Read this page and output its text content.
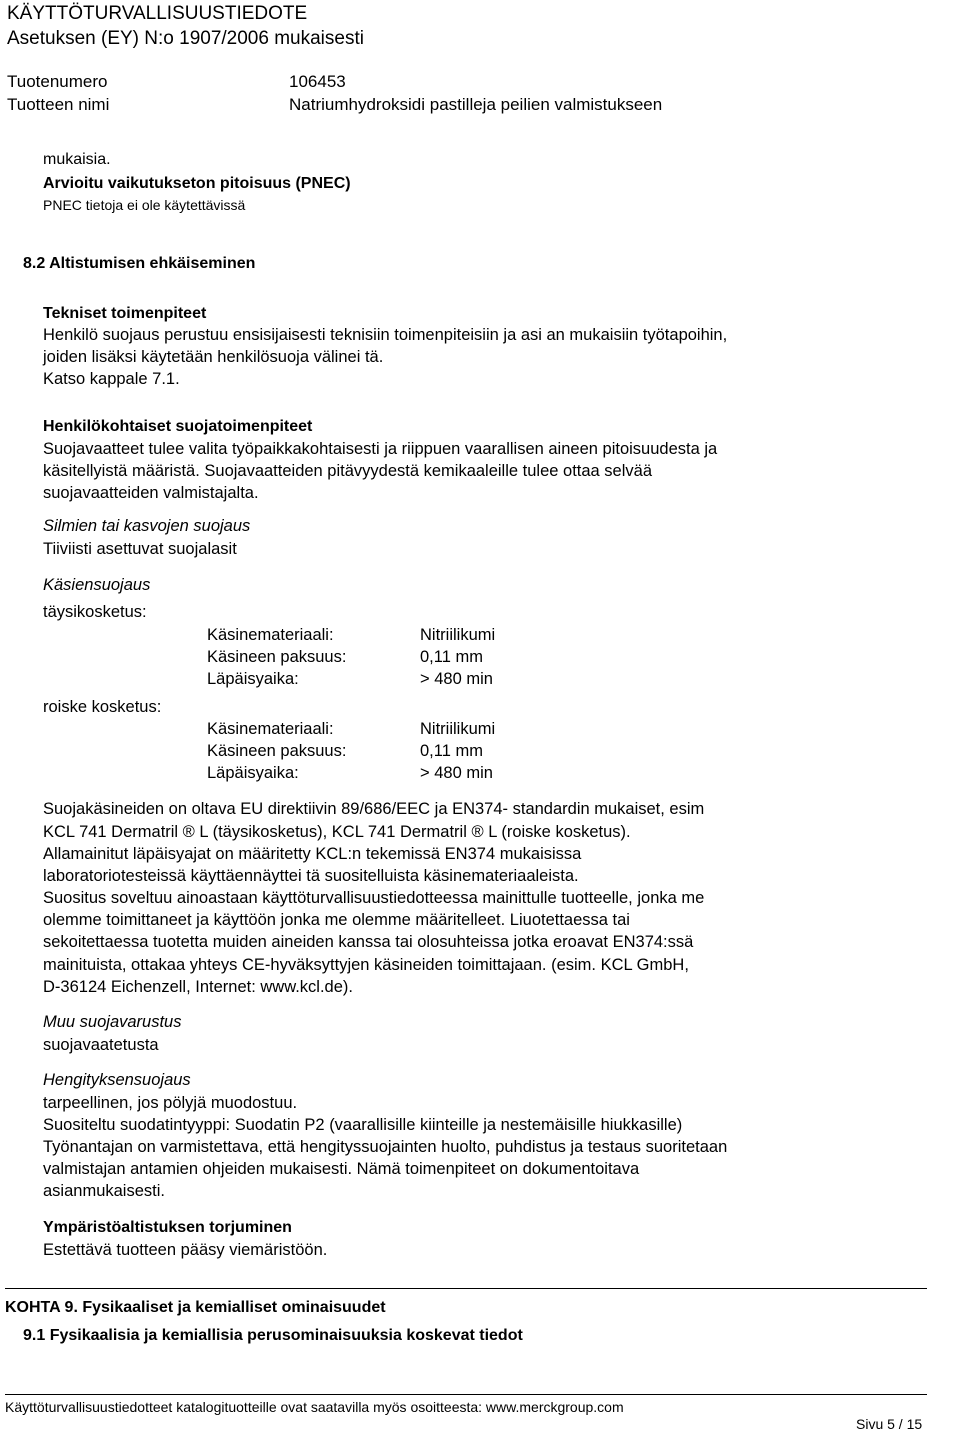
KÄYTTÖTURVALLISUUSTIEDOTE
Asetuksen (EY) N:o 1907/2006 mukaisesti
Tuotenumero	106453
Tuotteen nimi	Natriumhydroksidi pastilleja peilien valmistukseen
mukaisia.
Arvioitu vaikutukseton pitoisuus (PNEC)
PNEC tietoja ei ole käytettävissä
8.2 Altistumisen ehkäiseminen
Tekniset toimenpiteet
Henkilö suojaus perustuu ensisijaisesti teknisiin toimenpiteisiin ja asi an mukaisiin työtapoihin,
joiden lisäksi käytetään henkilösuoja välinei tä.
Katso kappale 7.1.
Henkilökohtaiset suojatoimenpiteet
Suojavaatteet tulee valita työpaikkakohtaisesti ja riippuen vaarallisen aineen pitoisuudesta ja
käsitellyistä määristä. Suojavaatteiden pitävyydestä kemikaaleille tulee ottaa selvää
suojavaatteiden valmistajalta.
Silmien tai kasvojen suojaus
Tiiviisti asettuvat suojalasit
Käsiensuojaus
täysikosketus:
Käsinemateriaali:	Nitriilikumi
Käsineen paksuus:	0,11 mm
Läpäisyaika:	> 480 min
roiske kosketus:
Käsinemateriaali:	Nitriilikumi
Käsineen paksuus:	0,11 mm
Läpäisyaika:	> 480 min
Suojakäsineiden on oltava EU direktiivin 89/686/EEC ja EN374- standardin mukaiset, esim
KCL 741 Dermatril ® L (täysikosketus), KCL 741 Dermatril ® L (roiske kosketus).
Allamainitut läpäisyajat on määritetty KCL:n tekemissä EN374 mukaisissa
laboratoriotesteissä käyttäennäyttei tä suositelluista käsinemateriaaleista.
Suositus soveltuu ainoastaan käyttöturvallisuustiedotteessa mainittulle tuotteelle, jonka me
olemme toimittaneet ja käyttöön jonka me olemme määritelleet. Liuotettaessa tai
sekoitettaessa tuotetta muiden aineiden kanssa tai olosuhteissa jotka eroavat EN374:ssä
mainituista, ottakaa yhteys CE-hyväksyttyjen käsineiden toimittajaan. (esim. KCL GmbH,
D-36124 Eichenzell, Internet: www.kcl.de).
Muu suojavarustus
suojavaatetusta
Hengityksensuojaus
tarpeellinen, jos pölyjä muodostuu.
Suositeltu suodatintyyppi: Suodatin P2 (vaarallisille kiinteille ja nestemäisille hiukkasille)
Työnantajan on varmistettava, että hengityssuojainten huolto, puhdistus ja testaus suoritetaan
valmistajan antamien ohjeiden mukaisesti. Nämä toimenpiteet on dokumentoitava
asianmukaisesti.
Ympäristöaltistuksen torjuminen
Estettävä tuotteen pääsy viemäristöön.
KOHTA 9. Fysikaaliset ja kemialliset ominaisuudet
9.1 Fysikaalisia ja kemiallisia perusominaisuuksia koskevat tiedot
Käyttöturvallisuustiedotteet katalogituotteille ovat saatavilla myös osoitteesta: www.merckgroup.com
Sivu 5 / 15
